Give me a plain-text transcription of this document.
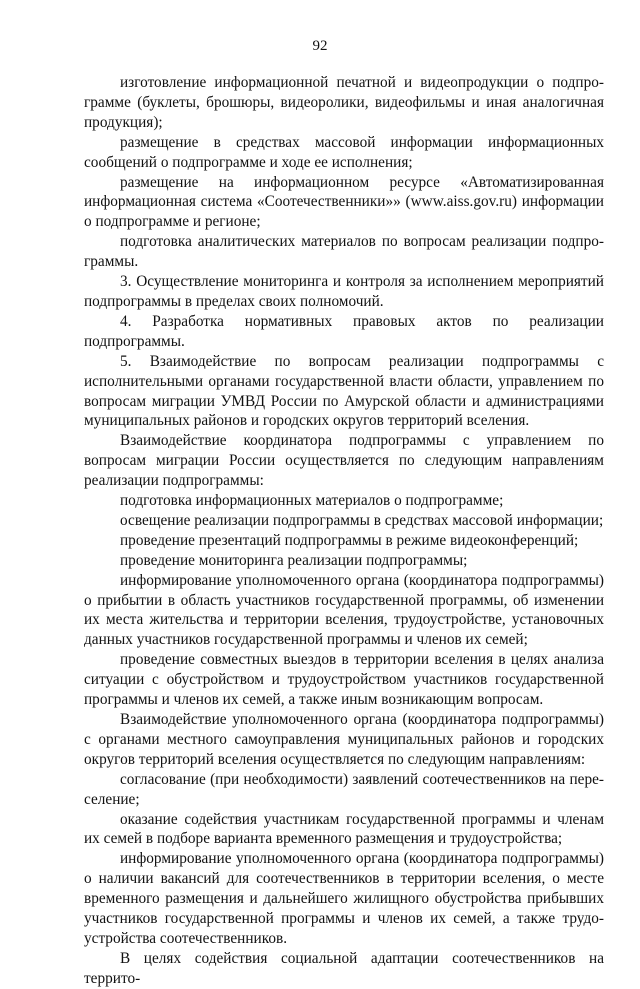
92

изготовление информационной печатной и видеопродукции о подпрограмме (буклеты, брошюры, видеоролики, видеофильмы и иная аналогичная продукция);

размещение в средствах массовой информации информационных сообщений о подпрограмме и ходе ее исполнения;

размещение на информационном ресурсе «Автоматизированная информационная система «Соотечественники»» (www.aiss.gov.ru) информации о подпрограмме и регионе;

подготовка аналитических материалов по вопросам реализации подпрограммы.

3. Осуществление мониторинга и контроля за исполнением мероприятий подпрограммы в пределах своих полномочий.

4. Разработка нормативных правовых актов по реализации подпрограммы.

5. Взаимодействие по вопросам реализации подпрограммы с исполнительными органами государственной власти области, управлением по вопросам миграции УМВД России по Амурской области и администрациями муниципальных районов и городских округов территорий вселения.

Взаимодействие координатора подпрограммы с управлением по вопросам миграции России осуществляется по следующим направлениям реализации подпрограммы:

подготовка информационных материалов о подпрограмме;

освещение реализации подпрограммы в средствах массовой информации;

проведение презентаций подпрограммы в режиме видеоконференций;

проведение мониторинга реализации подпрограммы;

информирование уполномоченного органа (координатора подпрограммы) о прибытии в область участников государственной программы, об изменении их места жительства и территории вселения, трудоустройстве, установочных данных участников государственной программы и членов их семей;

проведение совместных выездов в территории вселения в целях анализа ситуации с обустройством и трудоустройством участников государственной программы и членов их семей, а также иным возникающим вопросам.

Взаимодействие уполномоченного органа (координатора подпрограммы) с органами местного самоуправления муниципальных районов и городских округов территорий вселения осуществляется по следующим направлениям:

согласование (при необходимости) заявлений соотечественников на переселение;

оказание содействия участникам государственной программы и членам их семей в подборе варианта временного размещения и трудоустройства;

информирование уполномоченного органа (координатора подпрограммы) о наличии вакансий для соотечественников в территории вселения, о месте временного размещения и дальнейшего жилищного обустройства прибывших участников государственной программы и членов их семей, а также трудоустройства соотечественников.

В целях содействия социальной адаптации соотечественников на террито-
